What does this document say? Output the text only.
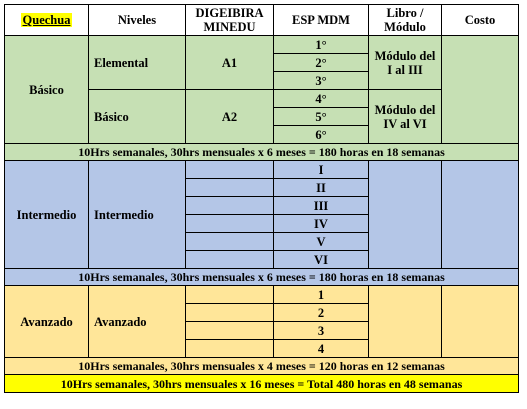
Quechua	Niveles	DIGEIBIRA MINEDU	ESP MDM	Libro / Módulo	Costo
Básico	Elemental	A1	1°	Módulo del I al III	
			2°		
			3°		
	Básico	A2	4°	Módulo del IV al VI	
			5°		
			6°		
10Hrs semanales, 30hrs mensuales x 6 meses = 180 horas en 18 semanas					
Intermedio	Intermedio		I		
			II		
			III		
			IV		
			V		
			VI		
10Hrs semanales, 30hrs mensuales x 6 meses = 180 horas en 18 semanas					
Avanzado	Avanzado		1		
			2		
			3		
			4		
10Hrs semanales, 30hrs mensuales x 4 meses = 120 horas en 12 semanas					
10Hrs semanales, 30hrs mensuales x 16 meses = Total 480 horas en 48 semanas					
